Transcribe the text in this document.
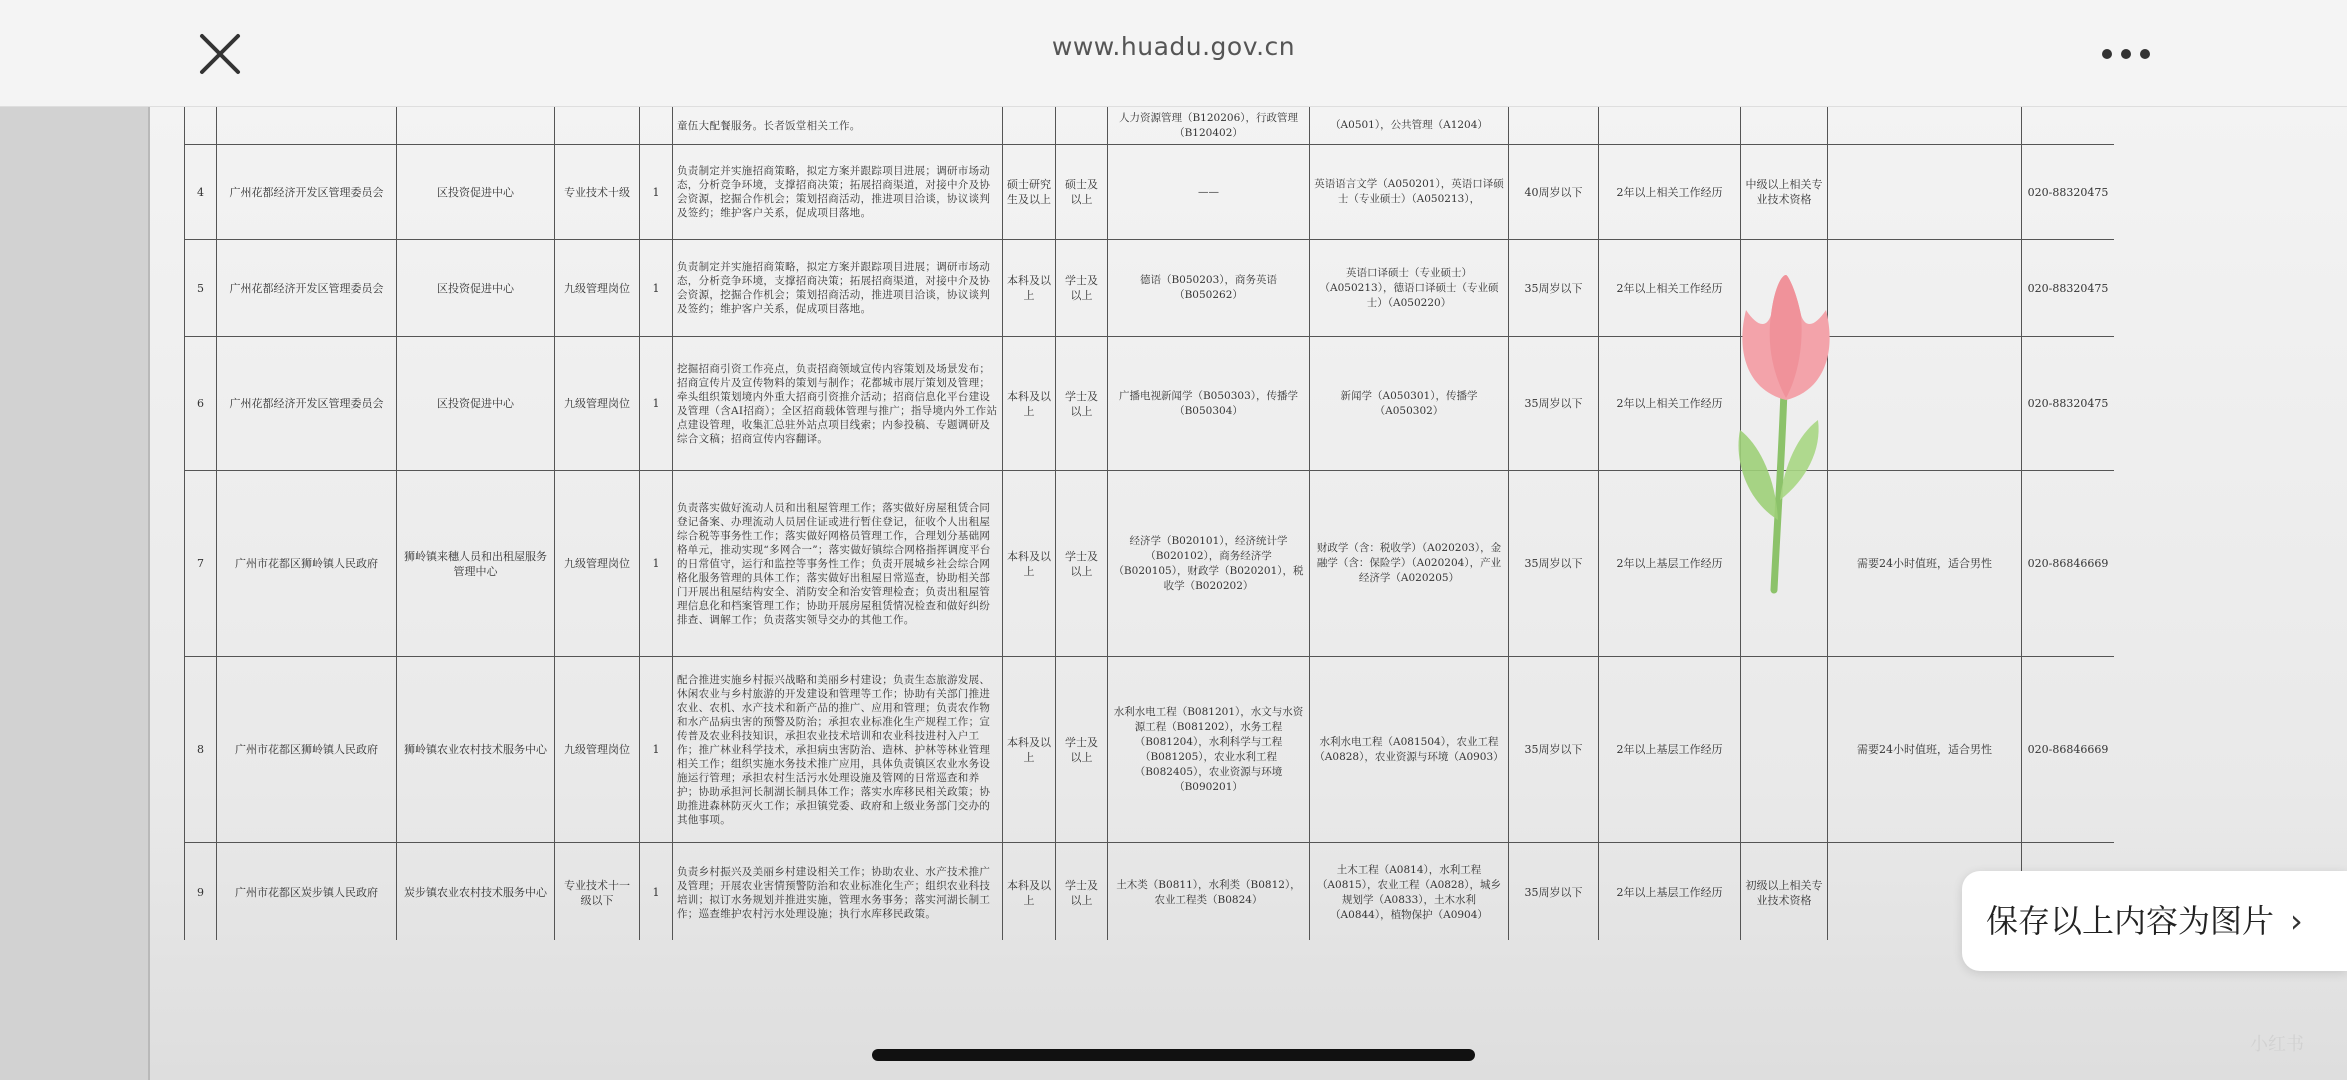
www.huadu.gov.cn
					童伍大配餐服务。长者饭堂相关工作。			人力资源管理（B120206），行政管理（B120402）	（A0501），公共管理（A1204）					
4	广州花都经济开发区管理委员会	区投资促进中心	专业技术十级	1	负责制定并实施招商策略，拟定方案并跟踪项目进展；调研市场动态，分析竞争环境，支撑招商决策；拓展招商渠道，对接中介及协会资源，挖掘合作机会；策划招商活动，推进项目洽谈，协议谈判及签约；维护客户关系，促成项目落地。	硕士研究生及以上	硕士及以上	——	英语语言文学（A050201），英语口译硕士（专业硕士）（A050213），	40周岁以下	2年以上相关工作经历	中级以上相关专业技术资格		020-88320475
5	广州花都经济开发区管理委员会	区投资促进中心	九级管理岗位	1	负责制定并实施招商策略，拟定方案并跟踪项目进展；调研市场动态，分析竞争环境，支撑招商决策；拓展招商渠道，对接中介及协会资源，挖掘合作机会；策划招商活动，推进项目洽谈，协议谈判及签约；维护客户关系，促成项目落地。	本科及以上	学士及以上	德语（B050203），商务英语（B050262）	英语口译硕士（专业硕士）（A050213），德语口译硕士（专业硕士）（A050220）	35周岁以下	2年以上相关工作经历			020-88320475
6	广州花都经济开发区管理委员会	区投资促进中心	九级管理岗位	1	挖掘招商引资工作亮点，负责招商领域宣传内容策划及场景发布；招商宣传片及宣传物料的策划与制作；花都城市展厅策划及管理；牵头组织策划境内外重大招商引资推介活动；招商信息化平台建设及管理（含AI招商）；全区招商载体管理与推广；指导境内外工作站点建设管理，收集汇总驻外站点项目线索；内参投稿、专题调研及综合文稿；招商宣传内容翻译。	本科及以上	学士及以上	广播电视新闻学（B050303），传播学（B050304）	新闻学（A050301），传播学（A050302）	35周岁以下	2年以上相关工作经历			020-88320475
7	广州市花都区狮岭镇人民政府	狮岭镇来穗人员和出租屋服务管理中心	九级管理岗位	1	负责落实做好流动人员和出租屋管理工作；落实做好房屋租赁合同登记备案、办理流动人员居住证或进行暂住登记，征收个人出租屋综合税等事务性工作；落实做好网格员管理工作，合理划分基础网格单元，推动实现“多网合一”；落实做好镇综合网格指挥调度平台的日常值守，运行和监控等事务性工作；负责开展城乡社会综合网格化服务管理的具体工作；落实做好出租屋日常巡查，协助相关部门开展出租屋结构安全、消防安全和治安管理检查；负责出租屋管理信息化和档案管理工作；协助开展房屋租赁情况检查和做好纠纷排查、调解工作；负责落实领导交办的其他工作。	本科及以上	学士及以上	经济学（B020101），经济统计学（B020102），商务经济学（B020105），财政学（B020201），税收学（B020202）	财政学（含：税收学）（A020203），金融学（含：保险学）（A020204），产业经济学（A020205）	35周岁以下	2年以上基层工作经历		需要24小时值班，适合男性	020-86846669
8	广州市花都区狮岭镇人民政府	狮岭镇农业农村技术服务中心	九级管理岗位	1	配合推进实施乡村振兴战略和美丽乡村建设；负责生态旅游发展、休闲农业与乡村旅游的开发建设和管理等工作；协助有关部门推进农业、农机、水产技术和新产品的推广、应用和管理；负责农作物和水产品病虫害的预警及防治；承担农业标准化生产规程工作；宣传普及农业科技知识，承担农业技术培训和农业科技进村入户工作；推广林业科学技术，承担病虫害防治、造林、护林等林业管理相关工作；组织实施水务技术推广应用，具体负责镇区农业水务设施运行管理；承担农村生活污水处理设施及管网的日常巡查和养护；协助承担河长制湖长制具体工作；落实水库移民相关政策；协助推进森林防灭火工作；承担镇党委、政府和上级业务部门交办的其他事项。	本科及以上	学士及以上	水利水电工程（B081201），水文与水资源工程（B081202），水务工程（B081204），水利科学与工程（B081205），农业水利工程（B082405），农业资源与环境（B090201）	水利水电工程（A081504），农业工程（A0828），农业资源与环境（A0903）	35周岁以下	2年以上基层工作经历		需要24小时值班，适合男性	020-86846669
9	广州市花都区炭步镇人民政府	炭步镇农业农村技术服务中心	专业技术十一级以下	1	负责乡村振兴及美丽乡村建设相关工作；协助农业、水产技术推广及管理；开展农业害情预警防治和农业标准化生产；组织农业科技培训；拟订水务规划并推进实施，管理水务事务；落实河湖长制工作；巡查维护农村污水处理设施；执行水库移民政策。	本科及以上	学士及以上	土木类（B0811），水利类（B0812），农业工程类（B0824）	土木工程（A0814），水利工程（A0815），农业工程（A0828），城乡规划学（A0833），土木水利（A0844），植物保护（A0904）	35周岁以下	2年以上基层工作经历	初级以上相关专业技术资格		
保存以上内容为图片 ›
小红书
